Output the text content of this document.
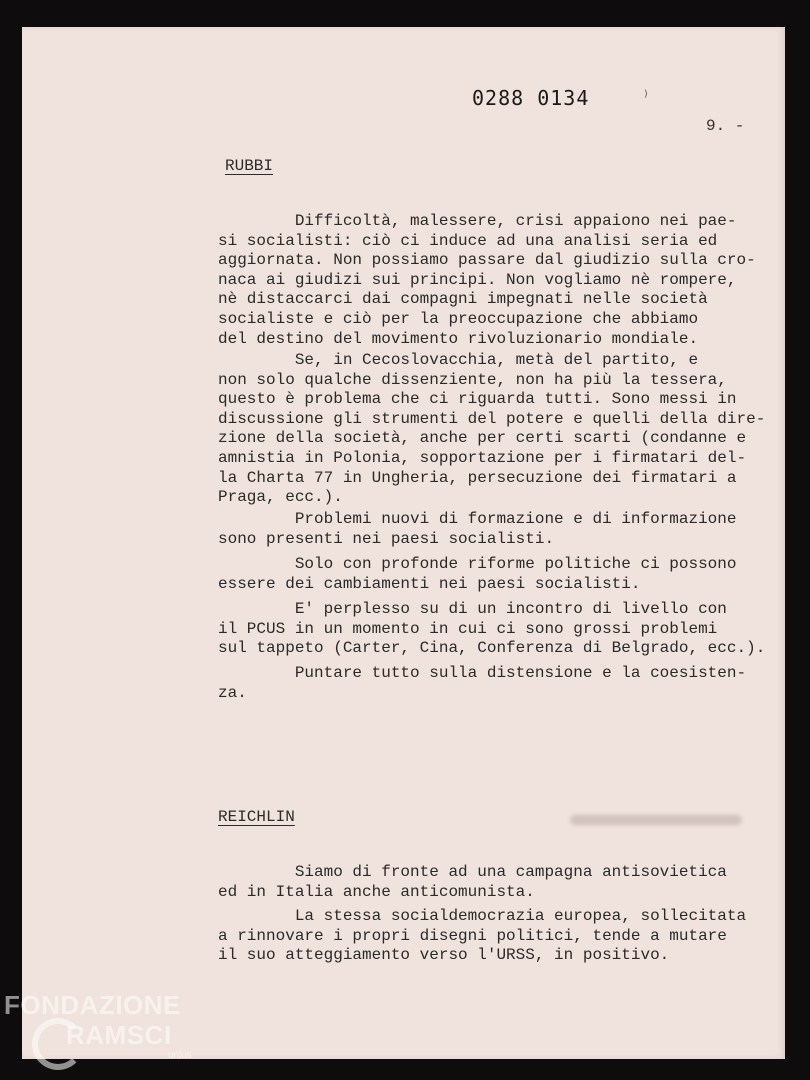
0288 0134	⁾
9. -
RUBBI
Difficoltà, malessere, crisi appaiono nei pae-
si socialisti: ciò ci induce ad una analisi seria ed
aggiornata. Non possiamo passare dal giudizio sulla cro-
naca ai giudizi sui principi. Non vogliamo nè rompere,
nè distaccarci dai compagni impegnati nelle società
socialiste e ciò per la preoccupazione che abbiamo
del destino del movimento rivoluzionario mondiale.
Se, in Cecoslovacchia, metà del partito, e
non solo qualche dissenziente, non ha più la tessera,
questo è problema che ci riguarda tutti. Sono messi in
discussione gli strumenti del potere e quelli della dire-
zione della società, anche per certi scarti (condanne e
amnistia in Polonia, sopportazione per i firmatari del-
la Charta 77 in Ungheria, persecuzione dei firmatari a
Praga, ecc.).
Problemi nuovi di formazione e di informazione
sono presenti nei paesi socialisti.
Solo con profonde riforme politiche ci possono
essere dei cambiamenti nei paesi socialisti.
E' perplesso su di un incontro di livello con
il PCUS in un momento in cui ci sono grossi problemi
sul tappeto (Carter, Cina, Conferenza di Belgrado, ecc.).
Puntare tutto sulla distensione e la coesisten-
za.
REICHLIN
Siamo di fronte ad una campagna antisovietica
ed in Italia anche anticomunista.
La stessa socialdemocrazia europea, sollecitata
a rinnovare i propri disegni politici, tende a mutare
il suo atteggiamento verso l'URSS, in positivo.
FONDAZIONE
RAMSCI
onlus
